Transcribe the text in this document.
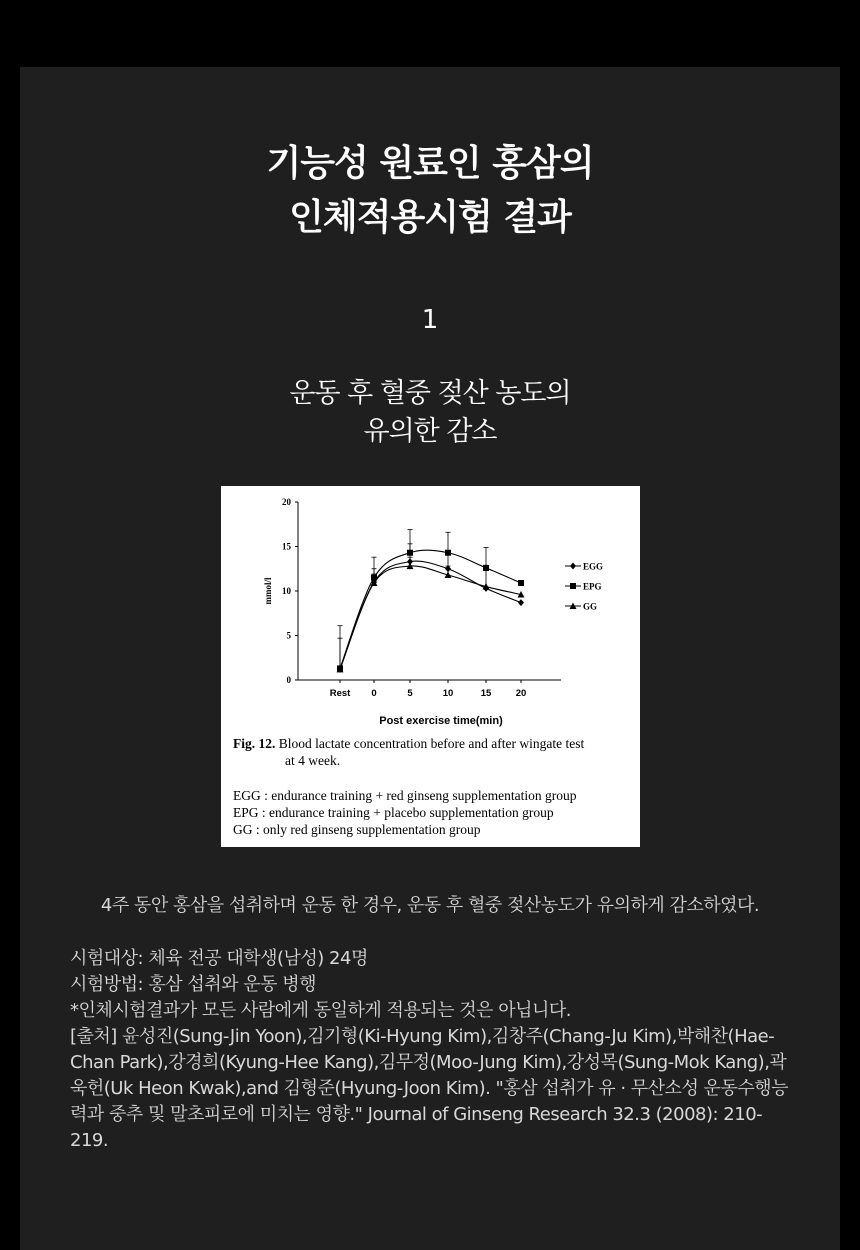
기능성 원료인 홍삼의
인체적용시험 결과
1
운동 후 혈중 젖산 농도의
유의한 감소
0
5
10
15
20
Rest 0	5	10	15	20
Post exercise time(min)
mmol/l
EGG
EPG
GG
Fig. 12. Blood lactate concentration before and after wingate test
at 4 week.
EGG : endurance training + red ginseng supplementation group
EPG : endurance training + placebo supplementation group
GG : only red ginseng supplementation group
4주 동안 홍삼을 섭취하며 운동 한 경우, 운동 후 혈중 젖산농도가 유의하게 감소하였다.
시험대상: 체육 전공 대학생(남성) 24명
시험방법: 홍삼 섭취와 운동 병행
*인체시험결과가 모든 사람에게 동일하게 적용되는 것은 아닙니다.
[출처] 윤성진(Sung-Jin Yoon),김기형(Ki-Hyung Kim),김창주(Chang-Ju Kim),박해찬(Hae-Chan Park),강경희(Kyung-Hee Kang),김무정(Moo-Jung Kim),강성목(Sung-Mok Kang),곽욱헌(Uk Heon Kwak),and 김형준(Hyung-Joon Kim). "홍삼 섭취가 유 · 무산소성 운동수행능력과 중추 및 말초피로에 미치는 영향." Journal of Ginseng Research 32.3 (2008): 210-219.
